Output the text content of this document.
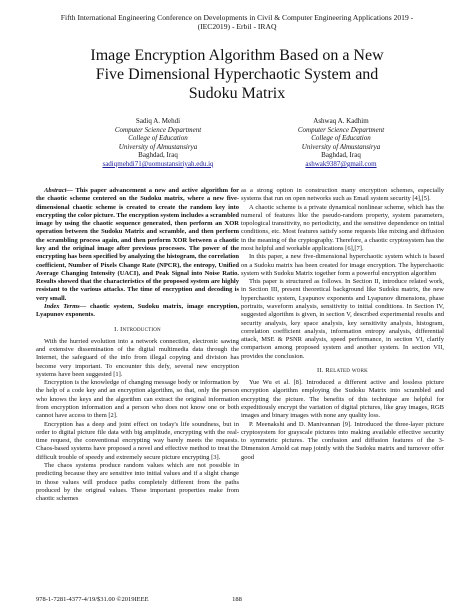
Fifth International Engineering Conference on Developments in Civil & Computer Engineering Applications 2019 -
(IEC2019) - Erbil - IRAQ
Image Encryption Algorithm Based on a New
Five Dimensional Hyperchaotic System and
Sudoku Matrix
Sadiq A. Mehdi
Computer Science Department
College of Education
University of Almustansirya
Baghdad, Iraq
sadiqmehdi71@uomustansiriyah.edu.iq
Ashwaq A. Kadhim
Computer Science Department
College of Education
University of Almustansirya
Baghdad, Iraq
ashwak9387@gmail.com

Abstract— This paper advancement a new and active algorithm for the chaotic scheme centered on the Sudoku matrix, where a new five-dimensional chaotic scheme is created to create the random key into encrypting the color picture. The encryption system includes a scrambled image by using the chaotic sequence generated, then perform an XOR operation between the Sudoku Matrix and scramble, and then perform the scrambling process again, and then perform XOR between a chaotic key and the original image after previous processes. The power of the encrypting has been specified by analyzing the histogram, the correlation coefficient, Number of Pixels Change Rate (NPCR), the entropy, Unified Average Changing Intensity (UACI), and Peak Signal into Noise Ratio. Results showed that the characteristics of the proposed system are highly resistant to the various attacks. The time of encryption and decoding is very small.

Index Terms— chaotic system, Sudoku matrix, image encryption, Lyapunov exponents.

I. Introduction

With the hurried evolution into a network connection, electronic sawing and extensive dissemination of the digital multimedia data through the Internet, the safeguard of the info from illegal copying and division has become very important. To encounter this defy, several new encryption systems have been suggested [1].

Encryption is the knowledge of changing message body or information by the help of a code key and an encryption algorithm, so that, only the person who knows the keys and the algorithm can extract the original information from encryption information and a person who does not know one or both cannot have access to them [2].

Encryption has a deep and joint effect on today's life soundness, but in order to digital picture file data with big amplitude, encrypting with the real-time request, the conventional encrypting way barely meets the requests. Chaos-based systems have proposed a novel and effective method to treat the difficult trouble of speedy and extremely secure picture encrypting [3].

The chaos systems produce random values which are not possible in predicting because they are sensitive into initial values and if a slight change in those values will produce paths completely different from the paths produced by the original values. These important properties make from chaotic schemes

as a strong option in construction many encryption schemes, especially systems that run on open networks such as Email system security [4],[5].

A chaotic scheme is a private dynamical nonlinear scheme, which has the numeral of features like the pseudo-random property, system parameters, topological transitivity, no periodicity, and the sensitive dependence on initial conditions, etc. Most features satisfy some requests like mixing and diffusion in the meaning of the cryptography. Therefore, a chaotic cryptosystem has the most helpful and workable applications [6],[7].

In this paper, a new five-dimensional hyperchaotic system which is based on a Sudoku matrix has been created for image encryption. The hyperchaotic system with Sudoku Matrix together form a powerful encryption algorithm

This paper is structured as follows. In Section II, introduce related work, in Section III, present theoretical background like Sudoku matrix, the new hyperchaotic system, Lyapunov exponents and Lyapunov dimensions, phase portraits, waveform analysis, sensitivity to initial conditions. In Section IV, suggested algorithm is given, in section V, described experimental results and security analysis, key space analysis, key sensitivity analysis, histogram, correlation coefficient analysis, information entropy analysis, differential attack, MSE & PSNR analysis, speed performance, in section VI, clarify comparison among proposed system and another system. In section VII, provides the conclusion.

II. Related work

Yue Wu et al. [8]. Introduced a different active and lossless picture encryption algorithm employing the Sudoku Matrix into scrambled and encrypting the picture. The benefits of this technique are helpful for expeditiously encrypt the variation of digital pictures, like gray images, RGB images and binary images with none any quality loss.

P. Meenakshi and D. Manivannan [9]. Introduced the three-layer picture cryptosystem for grayscale pictures into making available effective security to symmetric pictures. The confusion and diffusion features of the 3-Dimension Arnold cat map jointly with the Sudoku matrix and turnover offer good

978-1-7281-4377-4/19/$31.00 ©2019IEEE	188
